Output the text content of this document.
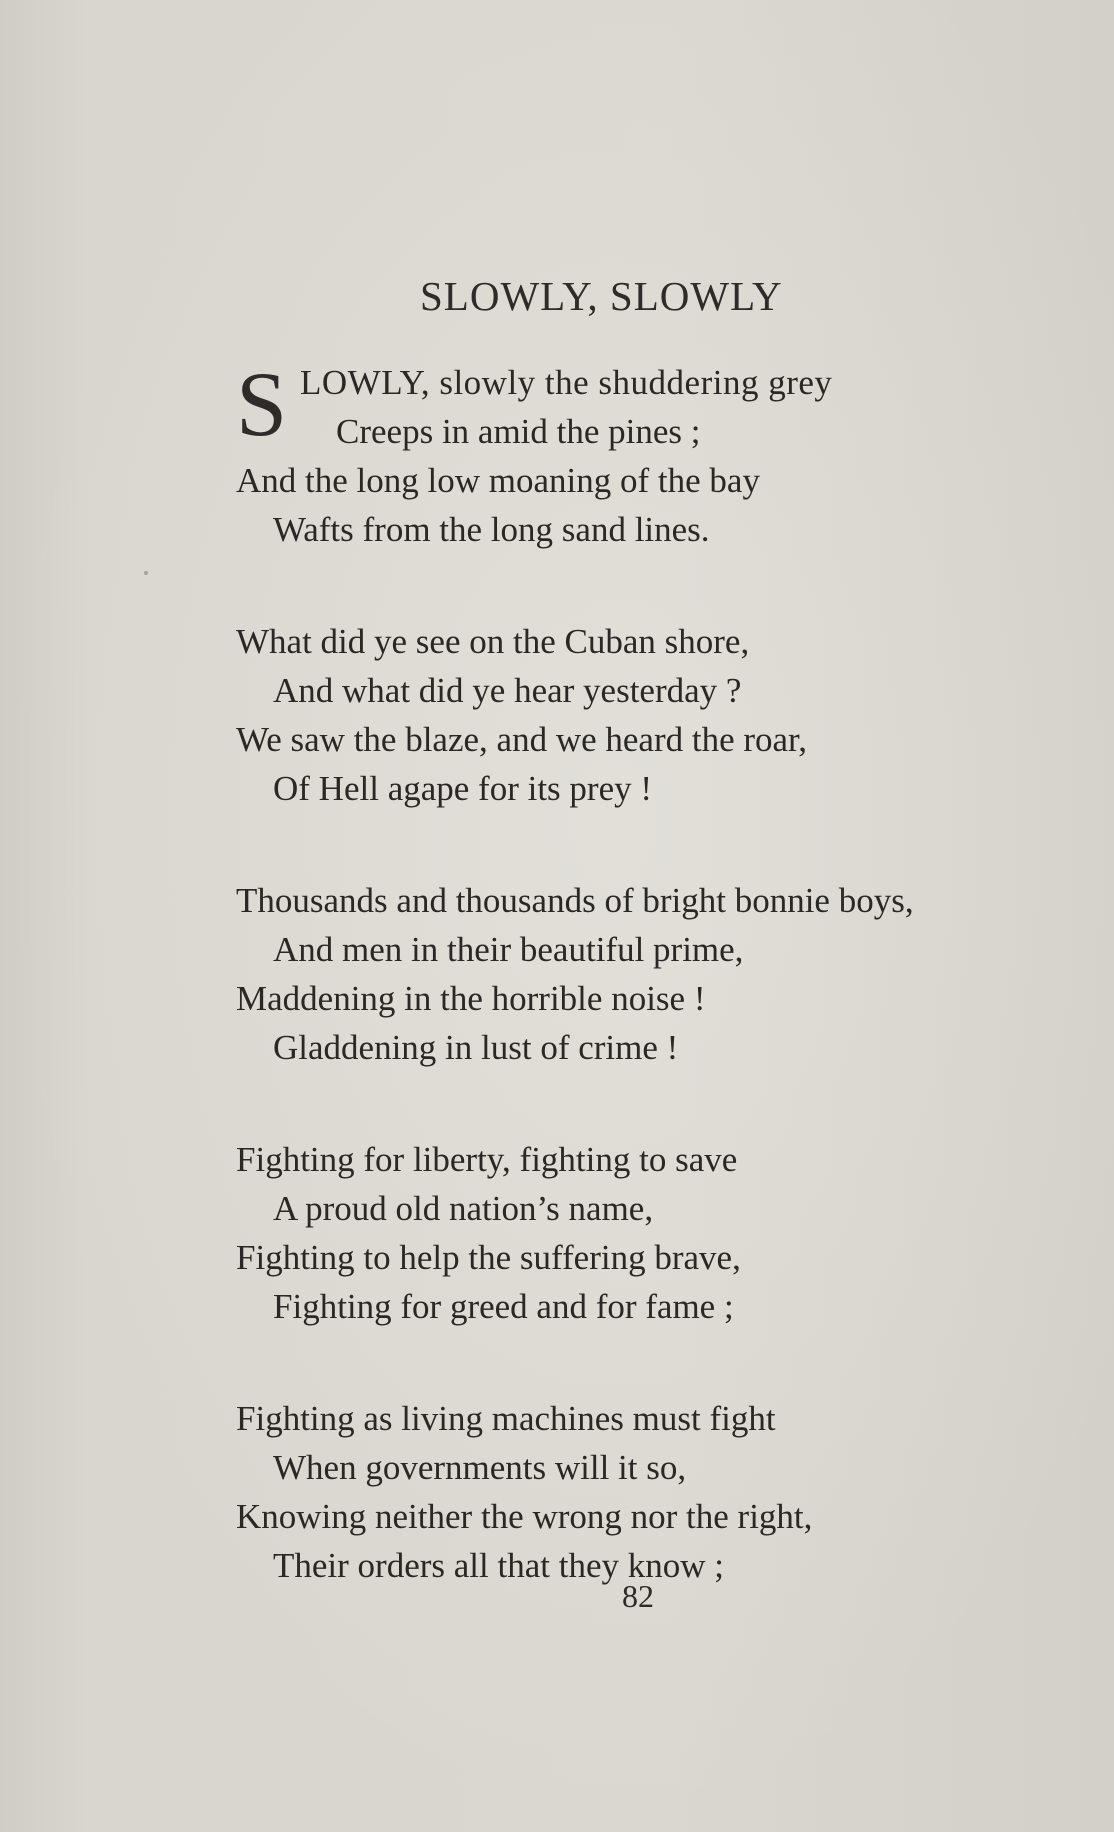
SLOWLY, SLOWLY
S LOWLY, slowly the shuddering grey
Creeps in amid the pines ;
And the long low moaning of the bay
Wafts from the long sand lines.
What did ye see on the Cuban shore,
And what did ye hear yesterday ?
We saw the blaze, and we heard the roar,
Of Hell agape for its prey !
Thousands and thousands of bright bonnie boys,
And men in their beautiful prime,
Maddening in the horrible noise !
Gladdening in lust of crime !
Fighting for liberty, fighting to save
A proud old nation’s name,
Fighting to help the suffering brave,
Fighting for greed and for fame ;
Fighting as living machines must fight
When governments will it so,
Knowing neither the wrong nor the right,
Their orders all that they know ;
82
